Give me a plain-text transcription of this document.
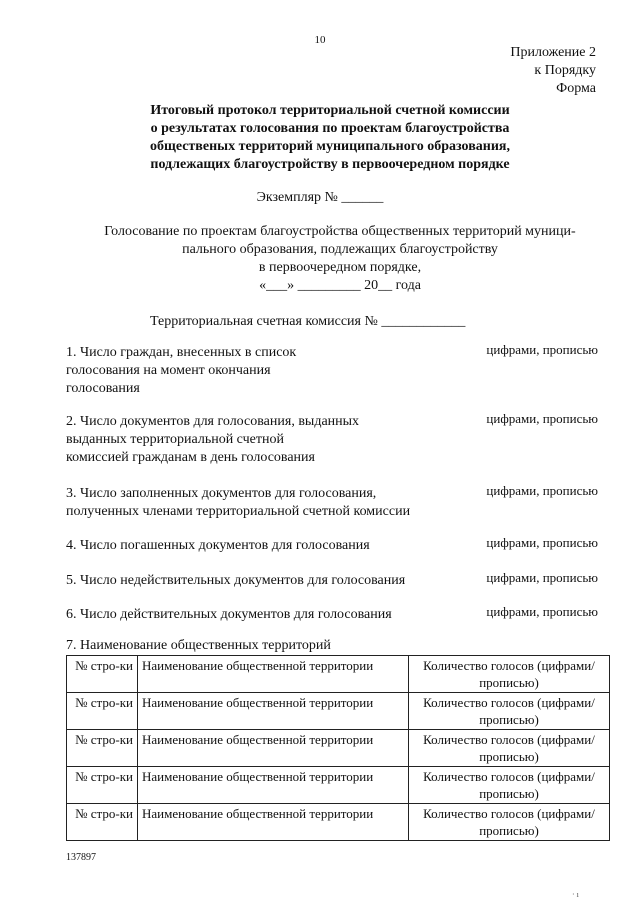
10
Приложение 2
к Порядку
Форма
Итоговый протокол территориальной счетной комиссии
о результатах голосования по проектам благоустройства
общественых территорий муниципального образования,
подлежащих благоустройству в первоочередном порядке
Экземпляр № ______
Голосование по проектам благоустройства общественных территорий муници-
пального образования, подлежащих благоустройству
в первоочередном порядке,
«___» _________ 20__ года
Территориальная счетная комиссия № ____________
1. Число граждан, внесенных в список
голосования на момент окончания
голосования
цифрами, прописью
2. Число документов для голосования, выданных
выданных территориальной счетной
комиссией гражданам в день голосования
цифрами, прописью
3. Число заполненных документов для голосования,
полученных членами территориальной счетной комиссии
цифрами, прописью
4. Число погашенных документов для голосования	цифрами, прописью
5. Число недействительных документов для голосования	цифрами, прописью
6. Число действительных документов для голосования	цифрами, прописью
7. Наименование общественных территорий
№ стро-ки	Наименование общественной территории	Количество голосов (цифрами/прописью)
№ стро-ки	Наименование общественной территории	Количество голосов (цифрами/прописью)
№ стро-ки	Наименование общественной территории	Количество голосов (цифрами/прописью)
№ стро-ки	Наименование общественной территории	Количество голосов (цифрами/прописью)
№ стро-ки	Наименование общественной территории	Количество голосов (цифрами/прописью)
137897
· ı
